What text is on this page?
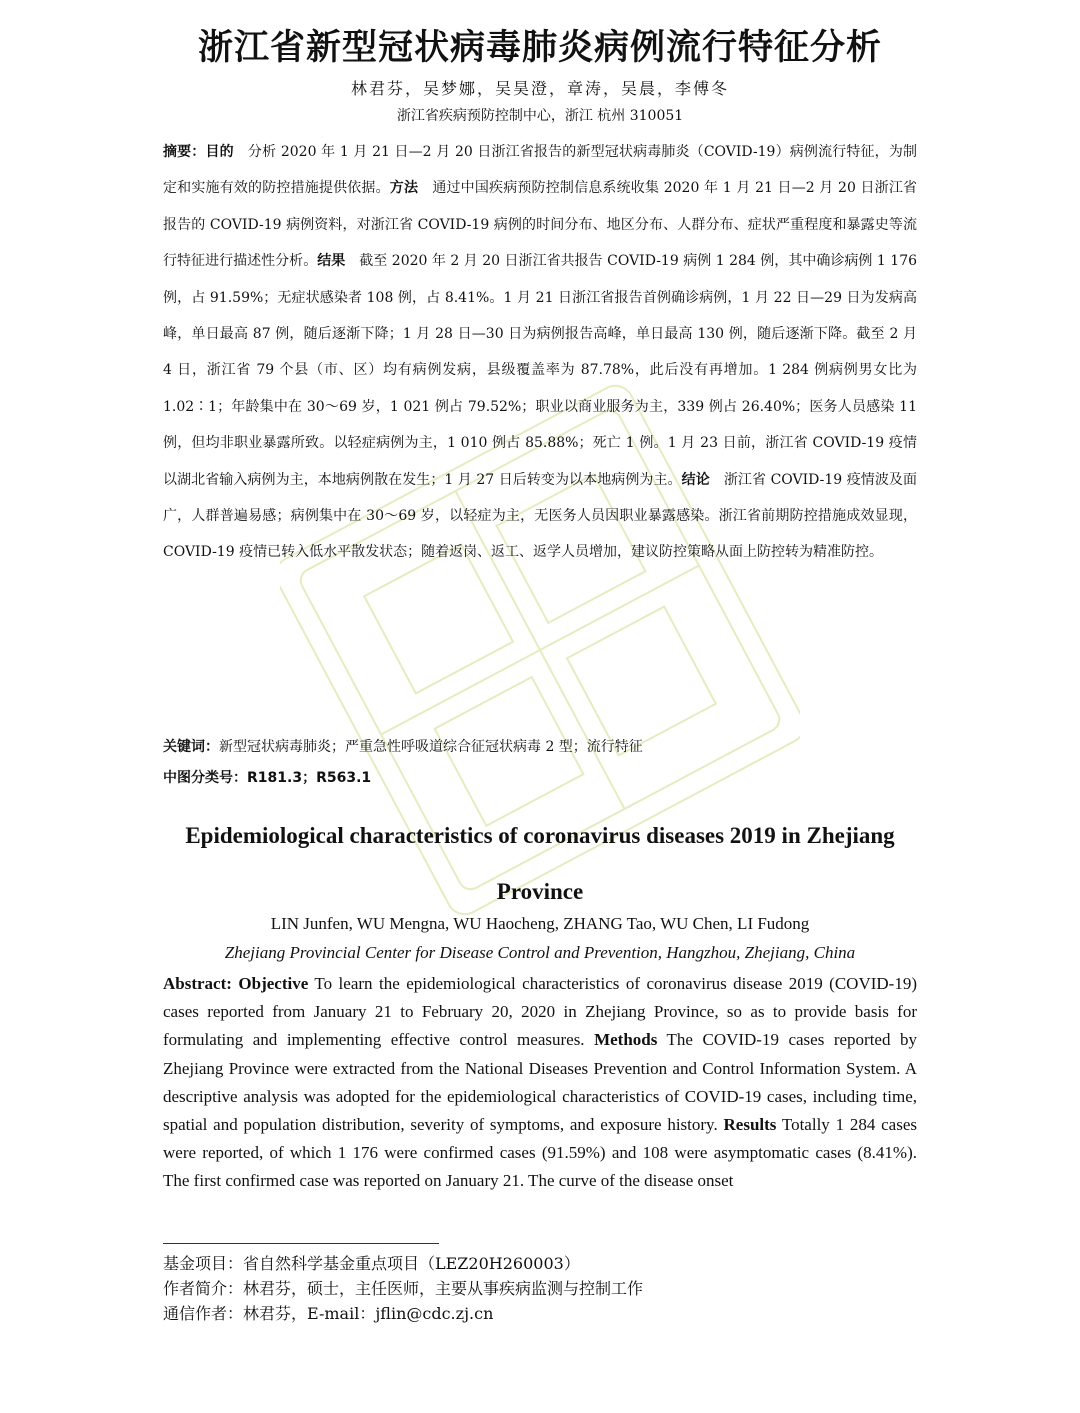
浙江省新型冠状病毒肺炎病例流行特征分析
林君芬，吴梦娜，吴昊澄，章涛，吴晨，李傅冬
浙江省疾病预防控制中心，浙江 杭州 310051

摘要：目的　分析 2020 年 1 月 21 日—2 月 20 日浙江省报告的新型冠状病毒肺炎（COVID-19）病例流行特征，为制定和实施有效的防控措施提供依据。方法　通过中国疾病预防控制信息系统收集 2020 年 1 月 21 日—2 月 20 日浙江省报告的 COVID-19 病例资料，对浙江省 COVID-19 病例的时间分布、地区分布、人群分布、症状严重程度和暴露史等流行特征进行描述性分析。结果　截至 2020 年 2 月 20 日浙江省共报告 COVID-19 病例 1 284 例，其中确诊病例 1 176 例，占 91.59%；无症状感染者 108 例，占 8.41%。1 月 21 日浙江省报告首例确诊病例，1 月 22 日—29 日为发病高峰，单日最高 87 例，随后逐渐下降；1 月 28 日—30 日为病例报告高峰，单日最高 130 例，随后逐渐下降。截至 2 月 4 日，浙江省 79 个县（市、区）均有病例发病，县级覆盖率为 87.78%，此后没有再增加。1 284 例病例男女比为 1.02∶1；年龄集中在 30～69 岁，1 021 例占 79.52%；职业以商业服务为主，339 例占 26.40%；医务人员感染 11 例，但均非职业暴露所致。以轻症病例为主，1 010 例占 85.88%；死亡 1 例。1 月 23 日前，浙江省 COVID-19 疫情以湖北省输入病例为主，本地病例散在发生；1 月 27 日后转变为以本地病例为主。结论　浙江省 COVID-19 疫情波及面广，人群普遍易感；病例集中在 30～69 岁，以轻症为主，无医务人员因职业暴露感染。浙江省前期防控措施成效显现，COVID-19 疫情已转入低水平散发状态；随着返岗、返工、返学人员增加，建议防控策略从面上防控转为精准防控。

关键词：新型冠状病毒肺炎；严重急性呼吸道综合征冠状病毒 2 型；流行特征

中图分类号：R181.3；R563.1

Epidemiological characteristics of coronavirus diseases 2019 in Zhejiang Province

LIN Junfen, WU Mengna, WU Haocheng, ZHANG Tao, WU Chen, LI Fudong
Zhejiang Provincial Center for Disease Control and Prevention, Hangzhou, Zhejiang, China

Abstract: Objective To learn the epidemiological characteristics of coronavirus disease 2019 (COVID-19) cases reported from January 21 to February 20, 2020 in Zhejiang Province, so as to provide basis for formulating and implementing effective control measures. Methods The COVID-19 cases reported by Zhejiang Province were extracted from the National Diseases Prevention and Control Information System. A descriptive analysis was adopted for the epidemiological characteristics of COVID-19 cases, including time, spatial and population distribution, severity of symptoms, and exposure history. Results Totally 1 284 cases were reported, of which 1 176 were confirmed cases (91.59%) and 108 were asymptomatic cases (8.41%). The first confirmed case was reported on January 21. The curve of the disease onset

基金项目：省自然科学基金重点项目（LEZ20H260003）

作者简介：林君芬，硕士，主任医师，主要从事疾病监测与控制工作

通信作者：林君芬，E-mail：jflin@cdc.zj.cn
